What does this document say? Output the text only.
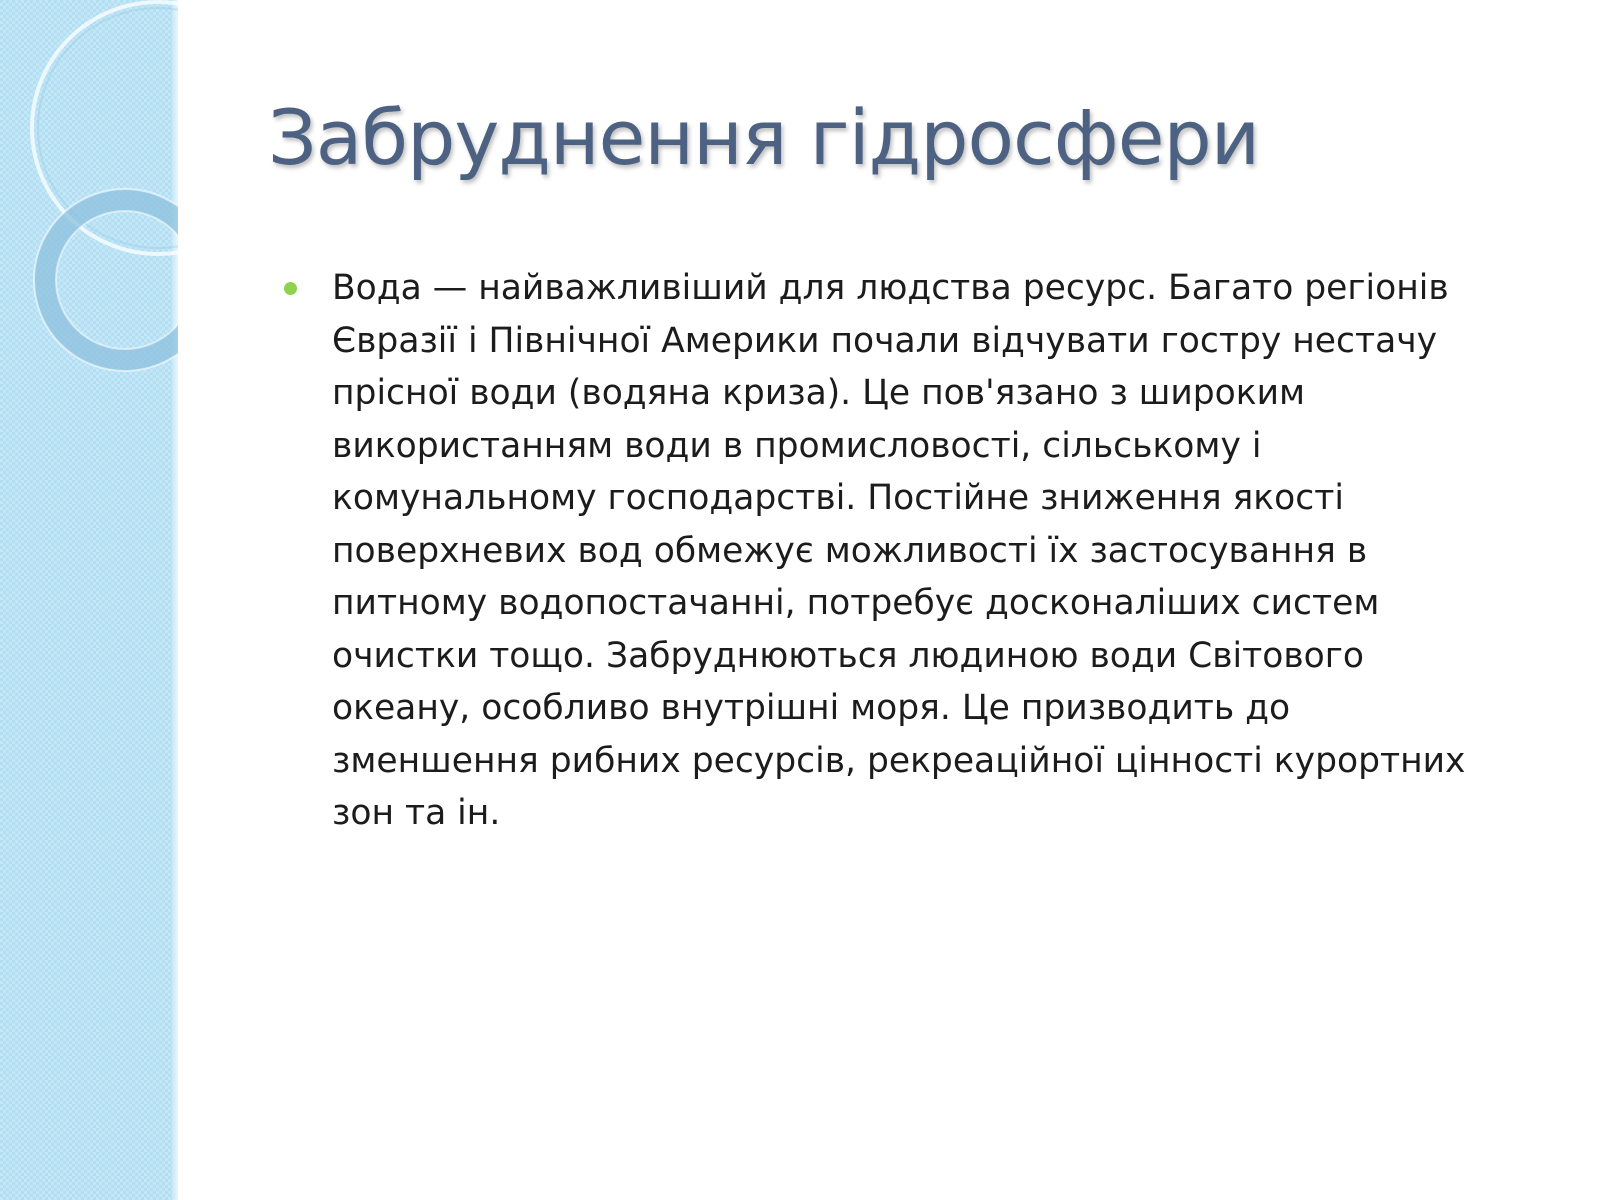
Забруднення гідросфери
Вода — найважливіший для людства ресурс. Багато регіонів
Євразії і Північної Америки почали відчувати гостру нестачу
прісної води (водяна криза). Це пов'язано з широким
використанням води в промисловості, сільському і
комунальному господарстві. Постійне зниження якості
поверхневих вод обмежує можливості їх застосування в
питному водопостачанні, потребує досконаліших систем
очистки тощо. Забруднюються людиною води Світового
океану, особливо внутрішні моря. Це призводить до
зменшення рибних ресурсів, рекреаційної цінності курортних
зон та ін.
